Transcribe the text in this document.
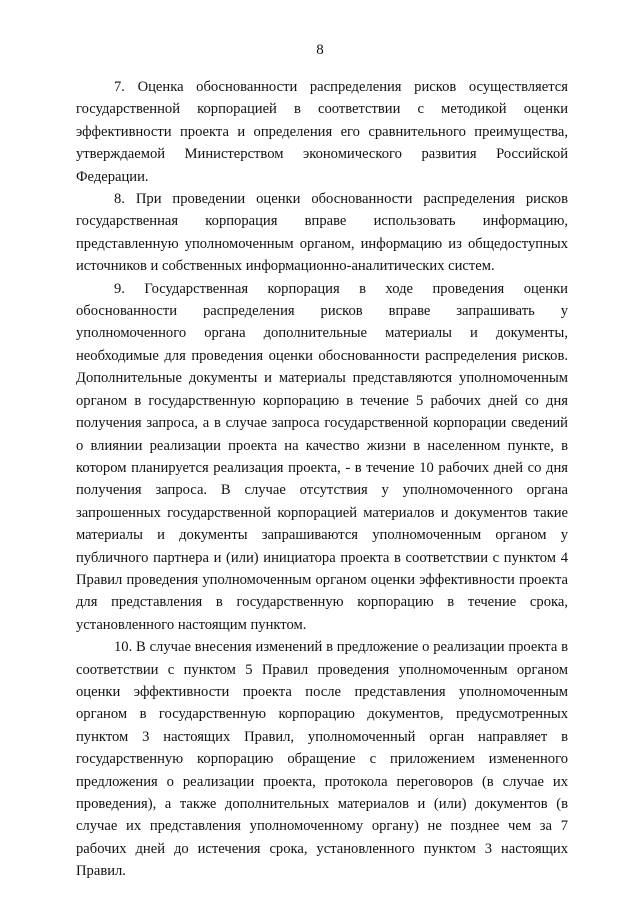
8

7. Оценка обоснованности распределения рисков осуществляется государственной корпорацией в соответствии с методикой оценки эффективности проекта и определения его сравнительного преимущества, утверждаемой Министерством экономического развития Российской Федерации.

8. При проведении оценки обоснованности распределения рисков государственная корпорация вправе использовать информацию, представленную уполномоченным органом, информацию из общедоступных источников и собственных информационно-аналитических систем.

9. Государственная корпорация в ходе проведения оценки обоснованности распределения рисков вправе запрашивать у уполномоченного органа дополнительные материалы и документы, необходимые для проведения оценки обоснованности распределения рисков. Дополнительные документы и материалы представляются уполномоченным органом в государственную корпорацию в течение 5 рабочих дней со дня получения запроса, а в случае запроса государственной корпорации сведений о влиянии реализации проекта на качество жизни в населенном пункте, в котором планируется реализация проекта, - в течение 10 рабочих дней со дня получения запроса. В случае отсутствия у уполномоченного органа запрошенных государственной корпорацией материалов и документов такие материалы и документы запрашиваются уполномоченным органом у публичного партнера и (или) инициатора проекта в соответствии с пунктом 4 Правил проведения уполномоченным органом оценки эффективности проекта для представления в государственную корпорацию в течение срока, установленного настоящим пунктом.

10. В случае внесения изменений в предложение о реализации проекта в соответствии с пунктом 5 Правил проведения уполномоченным органом оценки эффективности проекта после представления уполномоченным органом в государственную корпорацию документов, предусмотренных пунктом 3 настоящих Правил, уполномоченный орган направляет в государственную корпорацию обращение с приложением измененного предложения о реализации проекта, протокола переговоров (в случае их проведения), а также дополнительных материалов и (или) документов (в случае их представления уполномоченному органу) не позднее чем за 7 рабочих дней до истечения срока, установленного пунктом 3 настоящих Правил.
